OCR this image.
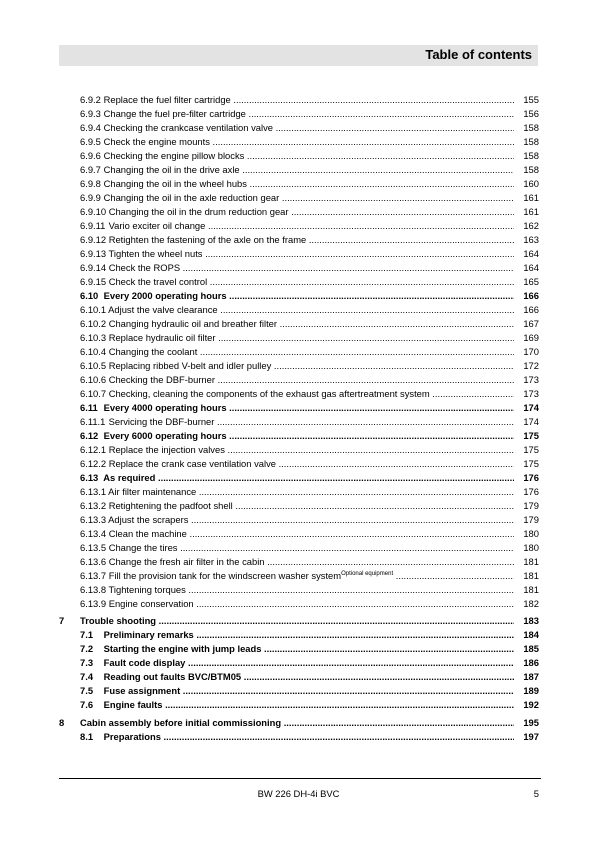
Table of contents
6.9.2 Replace the fuel filter cartridge .....	155
6.9.3 Change the fuel pre-filter cartridge .....	156
6.9.4 Checking the crankcase ventilation valve .....	158
6.9.5 Check the engine mounts .....	158
6.9.6 Checking the engine pillow blocks .....	158
6.9.7 Changing the oil in the drive axle .....	158
6.9.8 Changing the oil in the wheel hubs .....	160
6.9.9 Changing the oil in the axle reduction gear .....	161
6.9.10 Changing the oil in the drum reduction gear .....	161
6.9.11 Vario exciter oil change .....	162
6.9.12 Retighten the fastening of the axle on the frame .....	163
6.9.13 Tighten the wheel nuts .....	164
6.9.14 Check the ROPS .....	164
6.9.15 Check the travel control .....	165
6.10 Every 2000 operating hours .....	166
6.10.1 Adjust the valve clearance .....	166
6.10.2 Changing hydraulic oil and breather filter .....	167
6.10.3 Replace hydraulic oil filter .....	169
6.10.4 Changing the coolant .....	170
6.10.5 Replacing ribbed V-belt and idler pulley .....	172
6.10.6 Checking the DBF-burner .....	173
6.10.7 Checking, cleaning the components of the exhaust gas aftertreatment system .....	173
6.11 Every 4000 operating hours .....	174
6.11.1 Servicing the DBF-burner .....	174
6.12 Every 6000 operating hours .....	175
6.12.1 Replace the injection valves .....	175
6.12.2 Replace the crank case ventilation valve .....	175
6.13 As required .....	176
6.13.1 Air filter maintenance .....	176
6.13.2 Retightening the padfoot shell .....	179
6.13.3 Adjust the scrapers .....	179
6.13.4 Clean the machine .....	180
6.13.5 Change the tires .....	180
6.13.6 Change the fresh air filter in the cabin .....	181
6.13.7 Fill the provision tank for the windscreen washer system$^{Optional equipment}$ .....	181
6.13.8 Tightening torques .....	181
6.13.9 Engine conservation .....	182
7 Trouble shooting .....	183
7.1 Preliminary remarks .....	184
7.2 Starting the engine with jump leads .....	185
7.3 Fault code display .....	186
7.4 Reading out faults BVC/BTM05 .....	187
7.5 Fuse assignment .....	189
7.6 Engine faults .....	192
8 Cabin assembly before initial commissioning .....	195
8.1 Preparations .....	197
BW 226 DH-4i BVC	5
